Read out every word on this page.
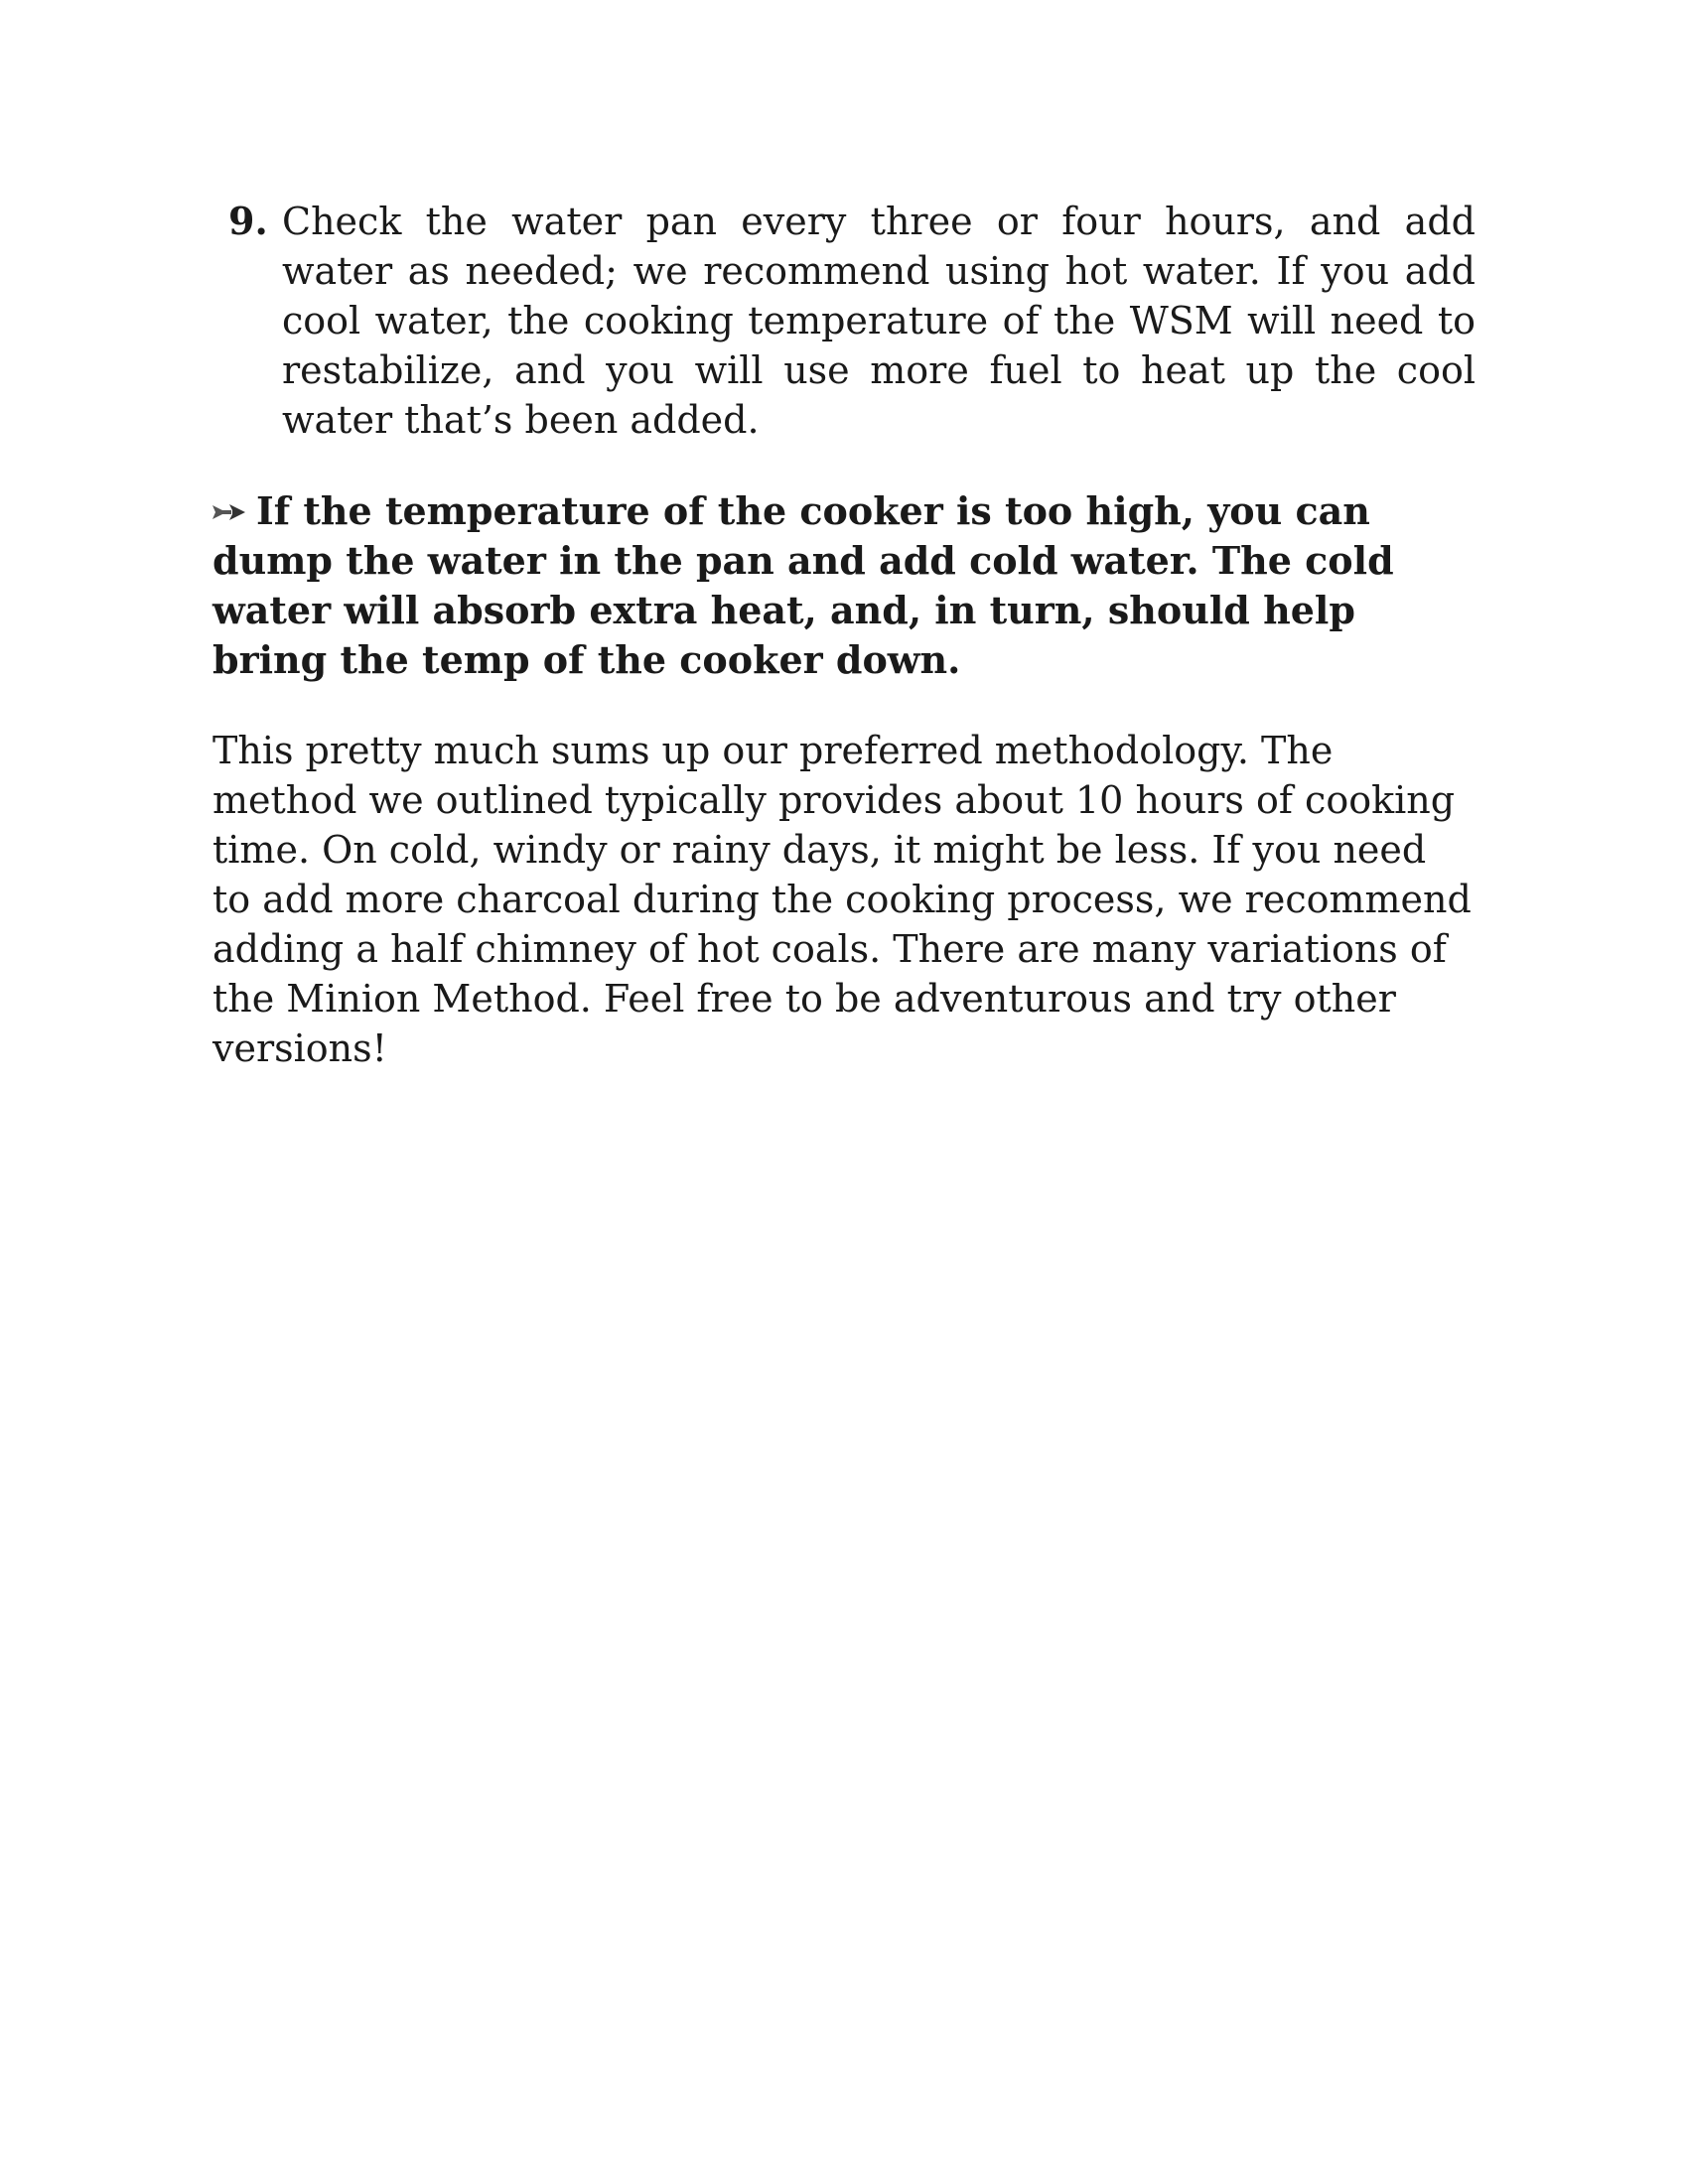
9. Check the water pan every three or four hours, and add water as needed; we recommend using hot water. If you add cool water, the cooking temperature of the WSM will need to restabilize, and you will use more fuel to heat up the cool water that’s been added.
If the temperature of the cooker is too high, you can dump the water in the pan and add cold water. The cold water will absorb extra heat, and, in turn, should help bring the temp of the cooker down.
This pretty much sums up our preferred methodology. The method we outlined typically provides about 10 hours of cooking time. On cold, windy or rainy days, it might be less. If you need to add more charcoal during the cooking process, we recommend adding a half chimney of hot coals. There are many variations of the Minion Method. Feel free to be adventurous and try other versions!
